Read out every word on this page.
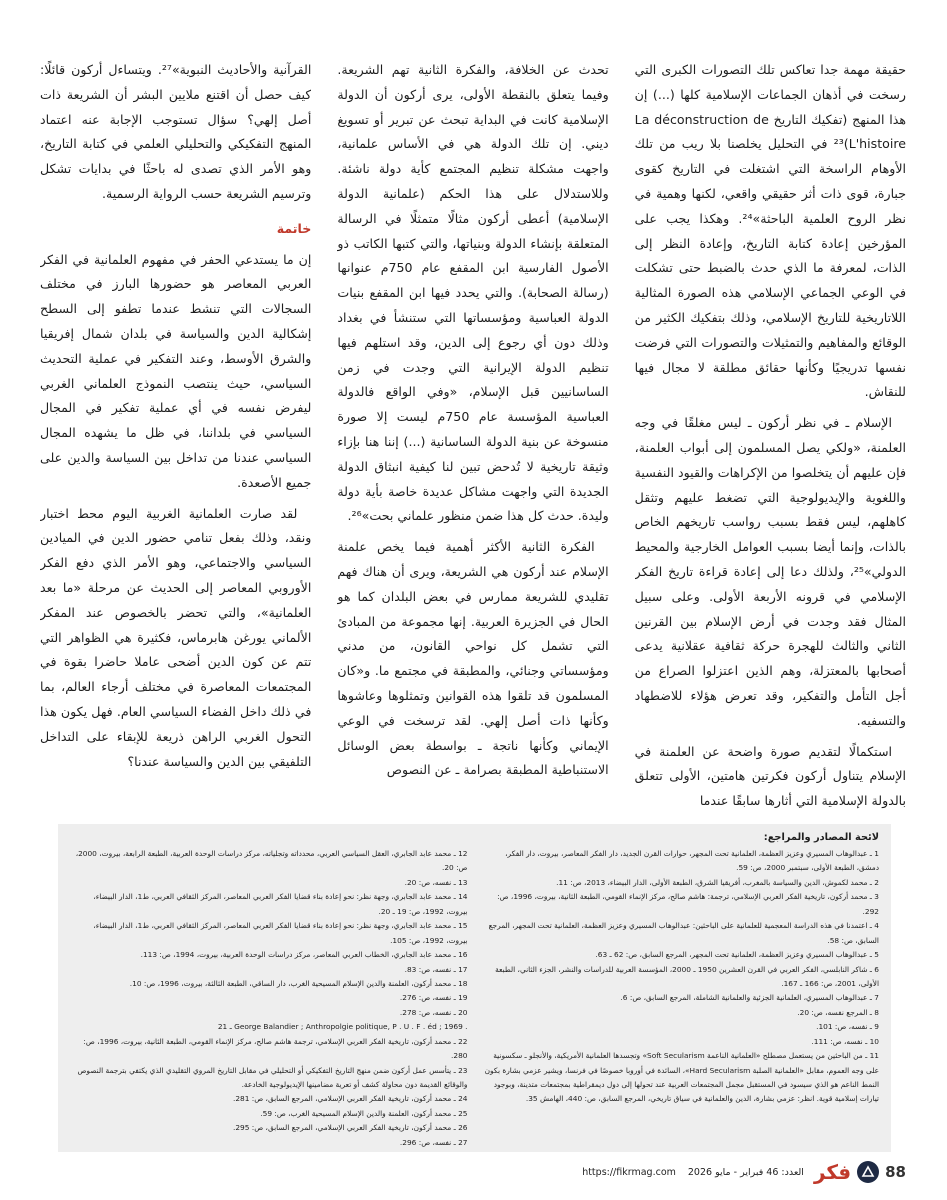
حقيقة مهمة جدا تعاكس تلك التصورات الكبرى التي رسخت في أذهان الجماعات الإسلامية كلها (...) إن هذا المنهج (تفكيك التاريخ La déconstruction de L'histoire)²³ في التحليل يخلصنا بلا ريب من تلك الأوهام الراسخة التي اشتغلت في التاريخ كقوى جبارة، قوى ذات أثر حقيقي واقعي، لكنها وهمية في نظر الروح العلمية الباحثة»²⁴. وهكذا يجب على المؤرخين إعادة كتابة التاريخ، وإعادة النظر إلى الذات، لمعرفة ما الذي حدث بالضبط حتى تشكلت في الوعي الجماعي الإسلامي هذه الصورة المثالية اللاتاريخية للتاريخ الإسلامي، وذلك بتفكيك الكثير من الوقائع والمفاهيم والتمثيلات والتصورات التي فرضت نفسها تدريجيًا وكأنها حقائق مطلقة لا مجال فيها للنقاش.

الإسلام ـ في نظر أركون ـ ليس مغلقًا في وجه العلمنة، «ولكي يصل المسلمون إلى أبواب العلمنة، فإن عليهم أن يتخلصوا من الإكراهات والقيود النفسية واللغوية والإيديولوجية التي تضغط عليهم وتثقل كاهلهم، ليس فقط بسبب رواسب تاريخهم الخاص بالذات، وإنما أيضا بسبب العوامل الخارجية والمحيط الدولي»²⁵، ولذلك دعا إلى إعادة قراءة تاريخ الفكر الإسلامي في قرونه الأربعة الأولى. وعلى سبيل المثال فقد وجدت في أرض الإسلام بين القرنين الثاني والثالث للهجرة حركة ثقافية عقلانية يدعى أصحابها بالمعتزلة، وهم الذين اعتزلوا الصراع من أجل التأمل والتفكير، وقد تعرض هؤلاء للاضطهاد والتسفيه.

استكمالًا لتقديم صورة واضحة عن العلمنة في الإسلام يتناول أركون فكرتين هامتين، الأولى تتعلق بالدولة الإسلامية التي أثارها سابقًا عندما

تحدث عن الخلافة، والفكرة الثانية تهم الشريعة. وفيما يتعلق بالنقطة الأولى، يرى أركون أن الدولة الإسلامية كانت في البداية تبحث عن تبرير أو تسويغ ديني. إن تلك الدولة هي في الأساس علمانية، واجهت مشكلة تنظيم المجتمع كأية دولة ناشئة. وللاستدلال على هذا الحكم (علمانية الدولة الإسلامية) أعطى أركون مثالًا متمثلًا في الرسالة المتعلقة بإنشاء الدولة وبنياتها، والتي كتبها الكاتب ذو الأصول الفارسية ابن المقفع عام 750م عنوانها (رسالة الصحابة). والتي يحدد فيها ابن المقفع بنيات الدولة العباسية ومؤسساتها التي ستنشأ في بغداد وذلك دون أي رجوع إلى الدين، وقد استلهم فيها تنظيم الدولة الإيرانية التي وجدت في زمن الساسانيين قبل الإسلام، «وفي الواقع فالدولة العباسية المؤسسة عام 750م ليست إلا صورة منسوخة عن بنية الدولة الساسانية (...) إننا هنا بإزاء وثيقة تاريخية لا تُدحض تبين لنا كيفية انبثاق الدولة الجديدة التي واجهت مشاكل عديدة خاصة بأية دولة وليدة. حدث كل هذا ضمن منظور علماني بحت»²⁶.

الفكرة الثانية الأكثر أهمية فيما يخص علمنة الإسلام عند أركون هي الشريعة، ويرى أن هناك فهم تقليدي للشريعة ممارس في بعض البلدان كما هو الحال في الجزيرة العربية. إنها مجموعة من المبادئ التي تشمل كل نواحي القانون، من مدني ومؤسساتي وجنائي، والمطبقة في مجتمع ما. و«كان المسلمون قد تلقوا هذه القوانين وتمثلوها وعاشوها وكأنها ذات أصل إلهي. لقد ترسخت في الوعي الإيماني وكأنها ناتجة ـ بواسطة بعض الوسائل الاستنباطية المطبقة بصرامة ـ عن النصوص

القرآنية والأحاديث النبوية»²⁷. ويتساءل أركون قائلًا: كيف حصل أن اقتنع ملايين البشر أن الشريعة ذات أصل إلهي؟ سؤال تستوجب الإجابة عنه اعتماد المنهج التفكيكي والتحليلي العلمي في كتابة التاريخ، وهو الأمر الذي تصدى له باحثًا في بدايات تشكل وترسيم الشريعة حسب الرواية الرسمية.

خاتمة

إن ما يستدعي الحفر في مفهوم العلمانية في الفكر العربي المعاصر هو حضورها البارز في مختلف السجالات التي تنشط عندما تطفو إلى السطح إشكالية الدين والسياسة في بلدان شمال إفريقيا والشرق الأوسط، وعند التفكير في عملية التحديث السياسي، حيث ينتصب النموذج العلماني الغربي ليفرض نفسه في أي عملية تفكير في المجال السياسي في بلداننا، في ظل ما يشهده المجال السياسي عندنا من تداخل بين السياسة والدين على جميع الأصعدة.

لقد صارت العلمانية الغربية اليوم محط اختبار ونقد، وذلك بفعل تنامي حضور الدين في الميادين السياسي والاجتماعي، وهو الأمر الذي دفع الفكر الأوروبي المعاصر إلى الحديث عن مرحلة «ما بعد العلمانية»، والتي تحضر بالخصوص عند المفكر الألماني يورغن هابرماس، فكثيرة هي الظواهر التي تتم عن كون الدين أضحى عاملا حاضرا بقوة في المجتمعات المعاصرة في مختلف أرجاء العالم، بما في ذلك داخل الفضاء السياسي العام. فهل يكون هذا التحول الغربي الراهن ذريعة للإبقاء على التداخل التلفيقي بين الدين والسياسة عندنا؟

لائحة المصادر والمراجع:

1 ـ عبدالوهاب المسيري وعزيز العظمة، العلمانية تحت المجهر، حوارات القرن الجديد، دار الفكر المعاصر، بيروت، دار الفكر، دمشق، الطبعة الأولى، سبتمبر 2000، ص: 59.

2 ـ محمد لكموش، الدين والسياسة بالمغرب، أفريقيا الشرق، الطبعة الأولى، الدار البيضاء، 2013، ص: 11.

3 ـ محمد أركون، تاريخية الفكر العربي الإسلامي، ترجمة: هاشم صالح، مركز الإنماء القومي، الطبعة الثانية، بيروت، 1996، ص: 292.

4 ـ اعتمدنا في هذه الدراسة المعجمية للعلمانية على الباحثين: عبدالوهاب المسيري وعزيز العظمة، العلمانية تحت المجهر، المرجع السابق، ص: 58.

5 ـ عبدالوهاب المسيري وعزيز العظمة، العلمانية تحت المجهر، المرجع السابق، ص: 62 ـ 63.

6 ـ شاكر النابلسي، الفكر العربي في القرن العشرين 1950 ـ 2000، المؤسسة العربية للدراسات والنشر، الجزء الثاني، الطبعة الأولى، 2001، ص: 166 ـ 167.

7 ـ عبدالوهاب المسيري، العلمانية الجزئية والعلمانية الشاملة، المرجع السابق، ص: 6.

8 ـ المرجع نفسه، ص: 20.

9 ـ نفسه، ص: 101.

10 ـ نفسه، ص: 111.

11 ـ من الباحثين من يستعمل مصطلح «العلمانية الناعمة Soft Secularism» وتجسدها العلمانية الأمريكية، والأنجلو ـ سكسونية على وجه العموم، مقابل «العلمانية الصلبة Hard Secularism»، السائدة في أوروبا خصوصًا في فرنسا، ويشير عزمي بشارة بكون النمط الناعم هو الذي سيسود في المستقبل مجمل المجتمعات العربية عند تحولها إلى دول ديمقراطية بمجتمعات متدينة، وبوجود تيارات إسلامية قوية. انظر: عزمي بشارة، الدين والعلمانية في سياق تاريخي، المرجع السابق، ص: 440، الهامش 35.

12 ـ محمد عابد الجابري، العقل السياسي العربي، محدداته وتجلياته، مركز دراسات الوحدة العربية، الطبعة الرابعة، بيروت، 2000، ص: 20.

13 ـ نفسه، ص: 20.

14 ـ محمد عابد الجابري، وجهة نظر: نحو إعادة بناء قضايا الفكر العربي المعاصر، المركز الثقافي العربي، ط1، الدار البيضاء، بيروت، 1992، ص: 19 ـ 20.

15 ـ محمد عابد الجابري، وجهة نظر: نحو إعادة بناء قضايا الفكر العربي المعاصر، المركز الثقافي العربي، ط1، الدار البيضاء، بيروت، 1992، ص: 105.

16 ـ محمد عابد الجابري، الخطاب العربي المعاصر، مركز دراسات الوحدة العربية، بيروت، 1994، ص: 113.

17 ـ نفسه، ص: 83.

18 ـ محمد أركون، العلمنة والدين الإسلام المسيحية الغرب، دار الساقي، الطبعة الثالثة، بيروت، 1996، ص: 10.

19 ـ نفسه، ص: 276.

20 ـ نفسه، ص: 278.

21 ـ George Balandier ; Anthropolgie politique, P . U . F . éd ; 1969 .

22 ـ محمد أركون، تاريخية الفكر العربي الإسلامي، ترجمة هاشم صالح، مركز الإنماء القومي، الطبعة الثانية، بيروت، 1996، ص: 280.

23 ـ يتأسس عمل أركون ضمن منهج التاريخ التفكيكي أو التحليلي في مقابل التاريخ المروي التقليدي الذي يكتفي بترجمة النصوص والوقائع القديمة دون محاولة كشف أو تعرية مضامينها الإيديولوجية الخادعة.

24 ـ محمد أركون، تاريخية الفكر العربي الإسلامي، المرجع السابق، ص: 281.

25 ـ محمد أركون، العلمنة والدين الإسلام المسيحية الغرب، ص: 59.

26 ـ محمد أركون، تاريخية الفكر العربي الإسلامي، المرجع السابق، ص: 295.

27 ـ نفسه، ص: 296.

88
فكر
العدد: 46 فبراير - مايو 2026
https://fikrmag.com
